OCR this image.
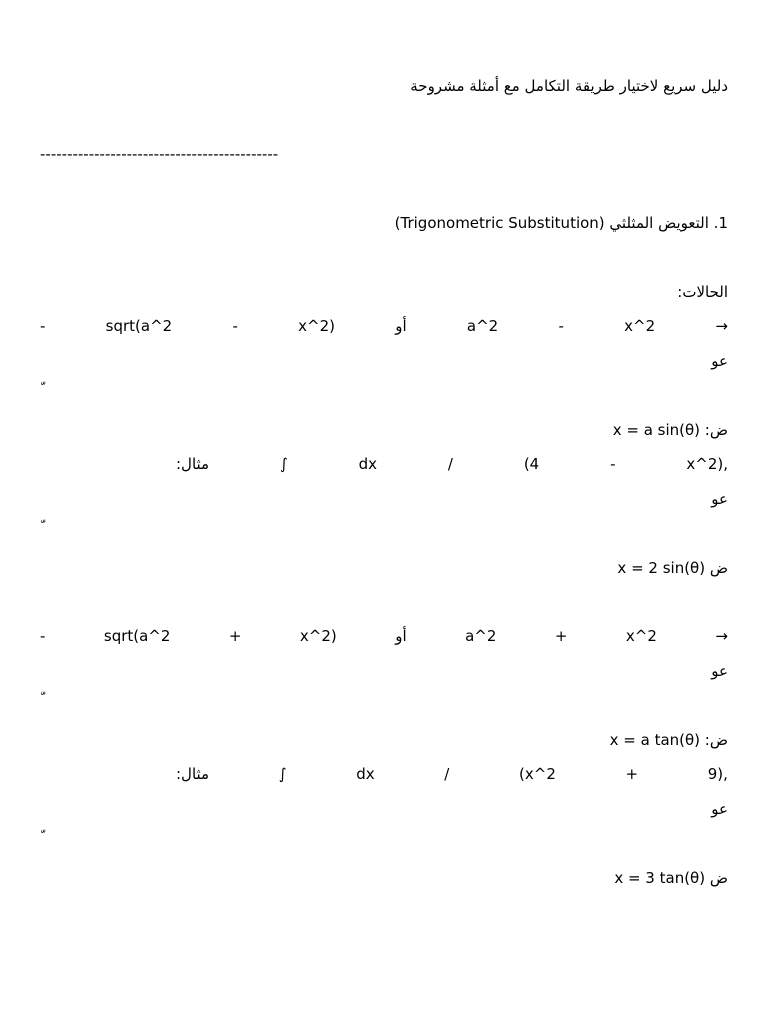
دليل سريع لاختيار طريقة التكامل مع أمثلة مشروحة
--------------------------------------------
1. التعويض المثلثي (Trigonometric Substitution)
الحالات:
-	sqrt(a^2	-	x^2)	أو	a^2	-	x^2	→
عو
ض: x = a sin(θ)
مثال:	∫	dx	/	(4	-	x^2),
عو
ض x = 2 sin(θ)
-	sqrt(a^2	+	x^2)	أو	a^2	+	x^2	→
عو
ض: x = a tan(θ)
مثال:	∫	dx	/	(x^2	+	9),
عو
ض x = 3 tan(θ)
